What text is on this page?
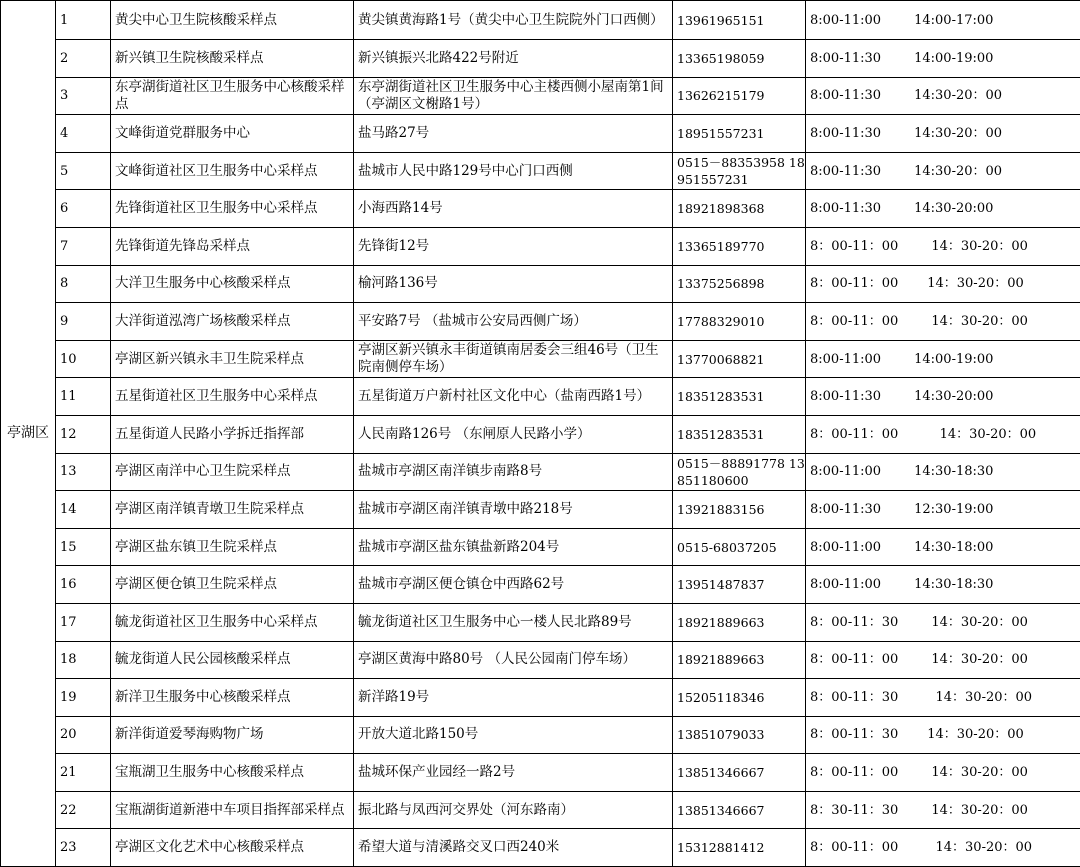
亭湖区	1	黄尖中心卫生院核酸采样点	黄尖镇黄海路1号（黄尖中心卫生院院外门口西侧）	13961965151	8:00-11:00        14:00-17:00
	2	新兴镇卫生院核酸采样点	新兴镇振兴北路422号附近	13365198059	8:00-11:30        14:00-19:00
	3	东亭湖街道社区卫生服务中心核酸采样点	东亭湖街道社区卫生服务中心主楼西侧小屋南第1间（亭湖区文榭路1号）	13626215179	8:00-11:30        14:30-20：00
	4	文峰街道党群服务中心	盐马路27号	18951557231	8:00-11:30        14:30-20：00
	5	文峰街道社区卫生服务中心采样点	盐城市人民中路129号中心门口西侧	0515－88353958 18951557231	8:00-11:30        14:30-20：00
	6	先锋街道社区卫生服务中心采样点	小海西路14号	18921898368	8:00-11:30        14:30-20:00
	7	先锋街道先锋岛采样点	先锋街12号	13365189770	8：00-11：00        14：30-20：00
	8	大洋卫生服务中心核酸采样点	榆河路136号	13375256898	8：00-11：00       14：30-20：00
	9	大洋街道泓湾广场核酸采样点	平安路7号 （盐城市公安局西侧广场）	17788329010	8：00-11：00        14：30-20：00
	10	亭湖区新兴镇永丰卫生院采样点	亭湖区新兴镇永丰街道镇南居委会三组46号（卫生院南侧停车场）	13770068821	8:00-11:00        14:00-19:00
	11	五星街道社区卫生服务中心采样点	五星街道万户新村社区文化中心（盐南西路1号）	18351283531	8:00-11:30        14:30-20:00
	12	五星街道人民路小学拆迁指挥部	人民南路126号 （东闸原人民路小学）	18351283531	8：00-11：00          14：30-20：00
	13	亭湖区南洋中心卫生院采样点	盐城市亭湖区南洋镇步南路8号	0515－88891778 13851180600	8:00-11:00        14:30-18:30
	14	亭湖区南洋镇青墩卫生院采样点	盐城市亭湖区南洋镇青墩中路218号	13921883156	8:00-11:30        12:30-19:00
	15	亭湖区盐东镇卫生院采样点	盐城市亭湖区盐东镇盐新路204号	0515-68037205	8:00-11:00        14:30-18:00
	16	亭湖区便仓镇卫生院采样点	盐城市亭湖区便仓镇仓中西路62号	13951487837	8:00-11:00        14:30-18:30
	17	毓龙街道社区卫生服务中心采样点	毓龙街道社区卫生服务中心一楼人民北路89号	18921889663	8：00-11：30        14：30-20：00
	18	毓龙街道人民公园核酸采样点	亭湖区黄海中路80号 （人民公园南门停车场）	18921889663	8：00-11：00        14：30-20：00
	19	新洋卫生服务中心核酸采样点	新洋路19号	15205118346	8：00-11：30         14：30-20：00
	20	新洋街道爱琴海购物广场	开放大道北路150号	13851079033	8：00-11：30       14：30-20：00
	21	宝瓶湖卫生服务中心核酸采样点	盐城环保产业园经一路2号	13851346667	8：00-11：00        14：30-20：00
	22	宝瓶湖街道新港中车项目指挥部采样点	振北路与凤西河交界处（河东路南）	13851346667	8：30-11：30        14：30-20：00
	23	亭湖区文化艺术中心核酸采样点	希望大道与清溪路交叉口西240米	15312881412	8：00-11：00         14：30-20：00
